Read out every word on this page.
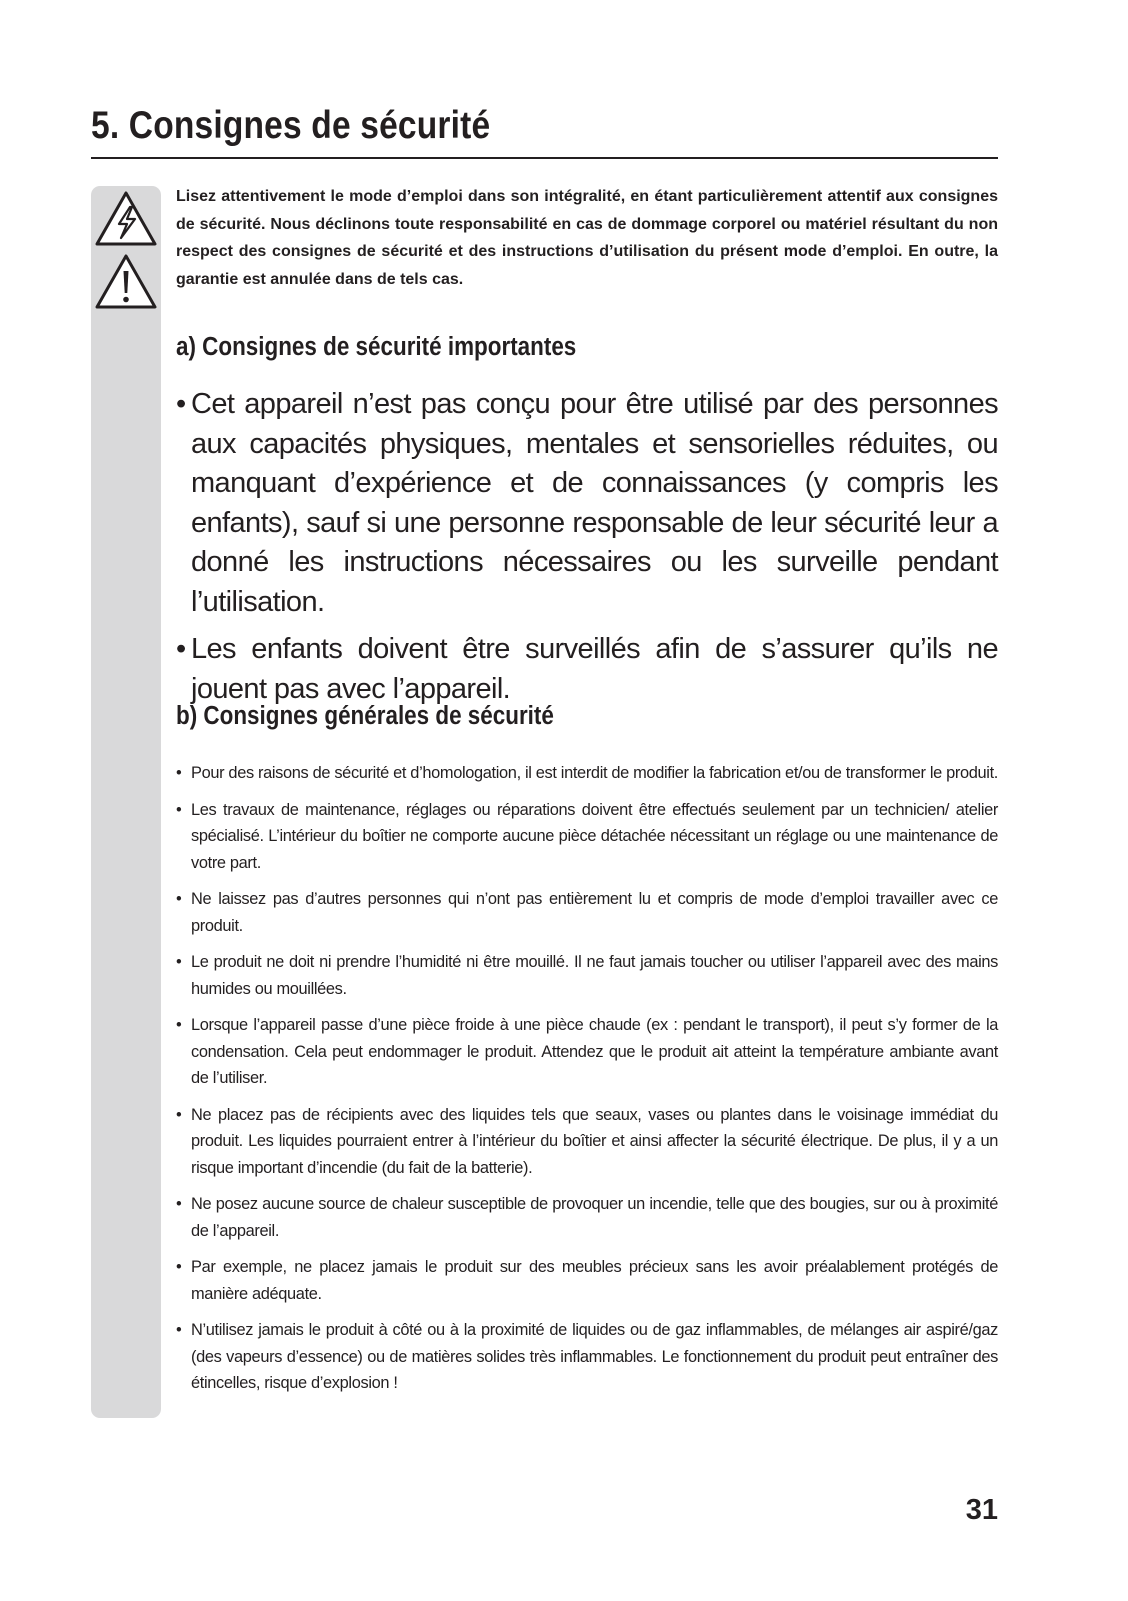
5. Consignes de sécurité

Lisez attentivement le mode d’emploi dans son intégralité, en étant particulièrement attentif aux consignes de sécurité. Nous déclinons toute responsabilité en cas de dommage corporel ou matériel résultant du non respect des consignes de sécurité et des instructions d’utilisation du présent mode d’emploi. En outre, la garantie est annulée dans de tels cas.

a) Consignes de sécurité importantes
• Cet appareil n’est pas conçu pour être utilisé par des personnes aux capacités physiques, mentales et sensorielles réduites, ou manquant d’expérience et de connaissances (y compris les enfants), sauf si une personne responsable de leur sécurité leur a donné les instructions nécessaires ou les surveille pendant l’utilisation.
• Les enfants doivent être surveillés afin de s’assurer qu’ils ne jouent pas avec l’appareil.
b) Consignes générales de sécurité
• Pour des raisons de sécurité et d’homologation, il est interdit de modifier la fabrication et/ou de transformer le produit.
• Les travaux de maintenance, réglages ou réparations doivent être effectués seulement par un technicien/ atelier spécialisé. L’intérieur du boîtier ne comporte aucune pièce détachée nécessitant un réglage ou une maintenance de votre part.
• Ne laissez pas d’autres personnes qui n’ont pas entièrement lu et compris de mode d’emploi travailler avec ce produit.
• Le produit ne doit ni prendre l’humidité ni être mouillé. Il ne faut jamais toucher ou utiliser l’appareil avec des mains humides ou mouillées.
• Lorsque l’appareil passe d’une pièce froide à une pièce chaude (ex : pendant le transport), il peut s’y former de la condensation. Cela peut endommager le produit. Attendez que le produit ait atteint la température ambiante avant de l’utiliser.
• Ne placez pas de récipients avec des liquides tels que seaux, vases ou plantes dans le voisinage immédiat du produit. Les liquides pourraient entrer à l’intérieur du boîtier et ainsi affecter la sécurité électrique. De plus, il y a un risque important d’incendie (du fait de la batterie).
• Ne posez aucune source de chaleur susceptible de provoquer un incendie, telle que des bougies, sur ou à proximité de l’appareil.
• Par exemple, ne placez jamais le produit sur des meubles précieux sans les avoir préalablement protégés de manière adéquate.
• N’utilisez jamais le produit à côté ou à la proximité de liquides ou de gaz inflammables, de mélanges air aspiré/gaz (des vapeurs d’essence) ou de matières solides très inflammables. Le fonctionnement du produit peut entraîner des étincelles, risque d’explosion !
31
